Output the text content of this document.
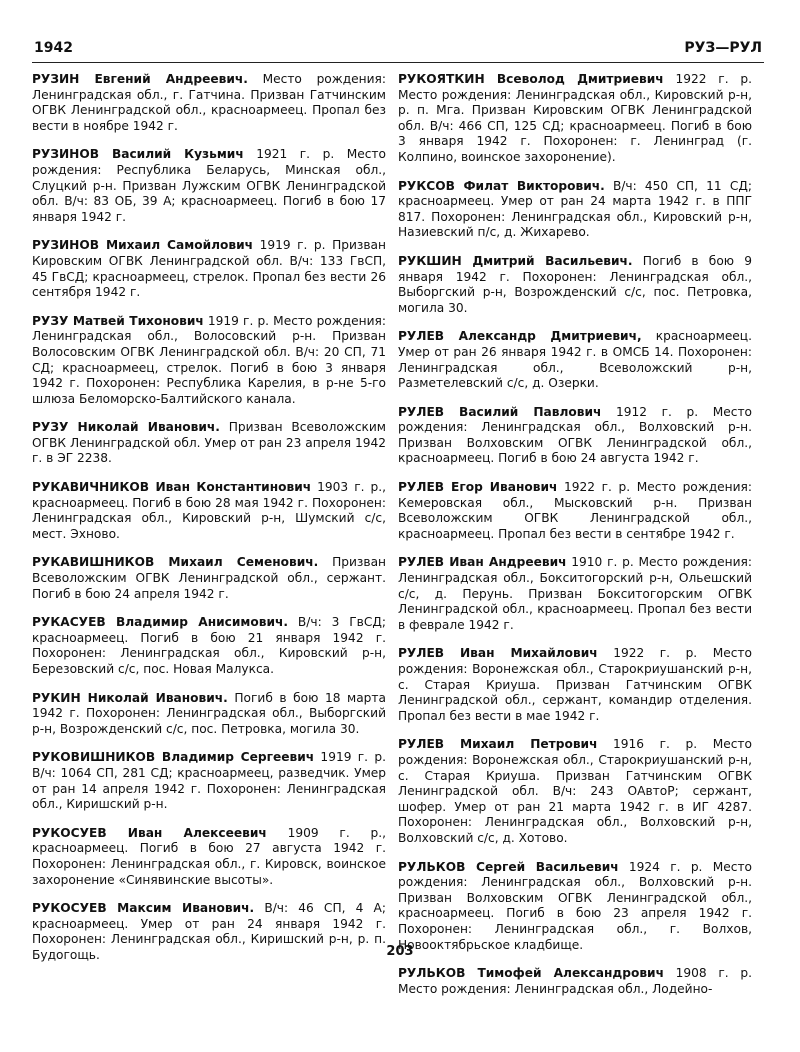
1942	РУЗ—РУЛ

РУЗИН Евгений Андреевич. Место рождения: Ленинградская обл., г. Гатчина. Призван Гатчинским ОГВК Ленинградской обл., красноармеец. Пропал без вести в ноябре 1942 г.

РУЗИНОВ Василий Кузьмич 1921 г. р. Место рождения: Республика Беларусь, Минская обл., Слуцкий р-н. Призван Лужским ОГВК Ленинградской обл. В/ч: 83 ОБ, 39 А; красноармеец. Погиб в бою 17 января 1942 г.

РУЗИНОВ Михаил Самойлович 1919 г. р. Призван Кировским ОГВК Ленинградской обл. В/ч: 133 ГвСП, 45 ГвСД; красноармеец, стрелок. Пропал без вести 26 сентября 1942 г.

РУЗУ Матвей Тихонович 1919 г. р. Место рождения: Ленинградская обл., Волосовский р-н. Призван Волосовским ОГВК Ленинградской обл. В/ч: 20 СП, 71 СД; красноармеец, стрелок. Погиб в бою 3 января 1942 г. Похоронен: Республика Карелия, в р-не 5-го шлюза Беломорско-Балтийского канала.

РУЗУ Николай Иванович. Призван Всеволожским ОГВК Ленинградской обл. Умер от ран 23 апреля 1942 г. в ЭГ 2238.

РУКАВИЧНИКОВ Иван Константинович 1903 г. р., красноармеец. Погиб в бою 28 мая 1942 г. Похоронен: Ленинградская обл., Кировский р-н, Шумский с/с, мест. Эхново.

РУКАВИШНИКОВ Михаил Семенович. Призван Всеволожским ОГВК Ленинградской обл., сержант. Погиб в бою 24 апреля 1942 г.

РУКАСУЕВ Владимир Анисимович. В/ч: 3 ГвСД; красноармеец. Погиб в бою 21 января 1942 г. Похоронен: Ленинградская обл., Кировский р-н, Березовский с/с, пос. Новая Малукса.

РУКИН Николай Иванович. Погиб в бою 18 марта 1942 г. Похоронен: Ленинградская обл., Выборгский р-н, Возрожденский с/с, пос. Петровка, могила 30.

РУКОВИШНИКОВ Владимир Сергеевич 1919 г. р. В/ч: 1064 СП, 281 СД; красноармеец, разведчик. Умер от ран 14 апреля 1942 г. Похоронен: Ленинградская обл., Киришский р-н.

РУКОСУЕВ Иван Алексеевич 1909 г. р., красноармеец. Погиб в бою 27 августа 1942 г. Похоронен: Ленинградская обл., г. Кировск, воинское захоронение «Синявинские высоты».

РУКОСУЕВ Максим Иванович. В/ч: 46 СП, 4 А; красноармеец. Умер от ран 24 января 1942 г. Похоронен: Ленинградская обл., Киришский р-н, р. п. Будогощь.

РУКОЯТКИН Всеволод Дмитриевич 1922 г. р. Место рождения: Ленинградская обл., Кировский р-н, р. п. Мга. Призван Кировским ОГВК Ленинградской обл. В/ч: 466 СП, 125 СД; красноармеец. Погиб в бою 3 января 1942 г. Похоронен: г. Ленинград (г. Колпино, воинское захоронение).

РУКСОВ Филат Викторович. В/ч: 450 СП, 11 СД; красноармеец. Умер от ран 24 марта 1942 г. в ППГ 817. Похоронен: Ленинградская обл., Кировский р-н, Назиевский п/с, д. Жихарево.

РУКШИН Дмитрий Васильевич. Погиб в бою 9 января 1942 г. Похоронен: Ленинградская обл., Выборгский р-н, Возрожденский с/с, пос. Петровка, могила 30.

РУЛЕВ Александр Дмитриевич, красноармеец. Умер от ран 26 января 1942 г. в ОМСБ 14. Похоронен: Ленинградская обл., Всеволожский р-н, Разметелевский с/с, д. Озерки.

РУЛЕВ Василий Павлович 1912 г. р. Место рождения: Ленинградская обл., Волховский р-н. Призван Волховским ОГВК Ленинградской обл., красноармеец. Погиб в бою 24 августа 1942 г.

РУЛЕВ Егор Иванович 1922 г. р. Место рождения: Кемеровская обл., Мысковский р-н. Призван Всеволожским ОГВК Ленинградской обл., красноармеец. Пропал без вести в сентябре 1942 г.

РУЛЕВ Иван Андреевич 1910 г. р. Место рождения: Ленинградская обл., Бокситогорский р-н, Ольешский с/с, д. Перунь. Призван Бокситогорским ОГВК Ленинградской обл., красноармеец. Пропал без вести в феврале 1942 г.

РУЛЕВ Иван Михайлович 1922 г. р. Место рождения: Воронежская обл., Старокриушанский р-н, с. Старая Криуша. Призван Гатчинским ОГВК Ленинградской обл., сержант, командир отделения. Пропал без вести в мае 1942 г.

РУЛЕВ Михаил Петрович 1916 г. р. Место рождения: Воронежская обл., Старокриушанский р-н, с. Старая Криуша. Призван Гатчинским ОГВК Ленинградской обл. В/ч: 243 ОАвтоР; сержант, шофер. Умер от ран 21 марта 1942 г. в ИГ 4287. Похоронен: Ленинградская обл., Волховский р-н, Волховский с/с, д. Хотово.

РУЛЬКОВ Сергей Васильевич 1924 г. р. Место рождения: Ленинградская обл., Волховский р-н. Призван Волховским ОГВК Ленинградской обл., красноармеец. Погиб в бою 23 апреля 1942 г. Похоронен: Ленинградская обл., г. Волхов, Новооктябрьское кладбище.

РУЛЬКОВ Тимофей Александрович 1908 г. р. Место рождения: Ленинградская обл., Лодейно-

203
